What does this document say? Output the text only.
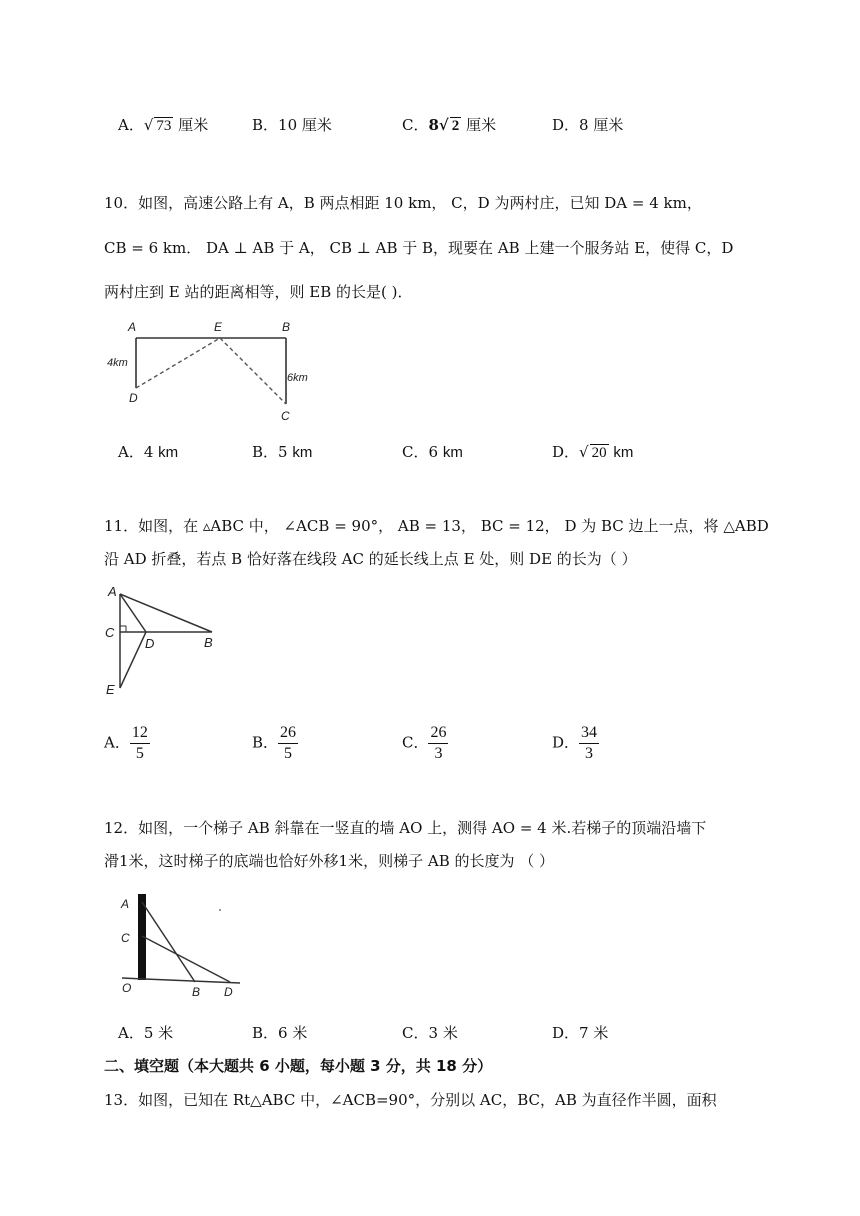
A．√ 73 厘米	B．10 厘米	C．8√ 2 厘米	D．8 厘米
10．如图，高速公路上有 A，B 两点相距 10 km， C，D 为两村庄，已知 DA = 4 km，
CB = 6 km． DA ⊥ AB 于 A， CB ⊥ AB 于 B，现要在 AB 上建一个服务站 E，使得 C，D
两村庄到 E 站的距离相等，则 EB 的长是( )．
A	E	B
D
C
4km
6km
A．4 km	B．5 km	C．6 km	D．√ 20 km
11．如图，在 ▵ABC 中， ∠ACB = 90°， AB = 13， BC = 12， D 为 BC 边上一点，将 △ABD
沿 AD 折叠，若点 B 恰好落在线段 AC 的延长线上点 E 处，则 DE 的长为（ ）
A
C
D	B
E
A． $\frac{12}{5}$	B． $\frac{26}{5}$	C． $\frac{26}{3}$	D． $\frac{34}{3}$
12．如图，一个梯子 AB 斜靠在一竖直的墙 AO 上，测得 AO = 4 米.若梯子的顶端沿墙下
滑1米，这时梯子的底端也恰好外移1米，则梯子 AB 的长度为 （ ）
A
C
O	B D
A．5 米	B．6 米	C．3 米	D．7 米
二、填空题（本大题共 6 小题，每小题 3 分，共 18 分）
13．如图，已知在 Rt△ABC 中，∠ACB=90°，分别以 AC，BC，AB 为直径作半圆，面积
